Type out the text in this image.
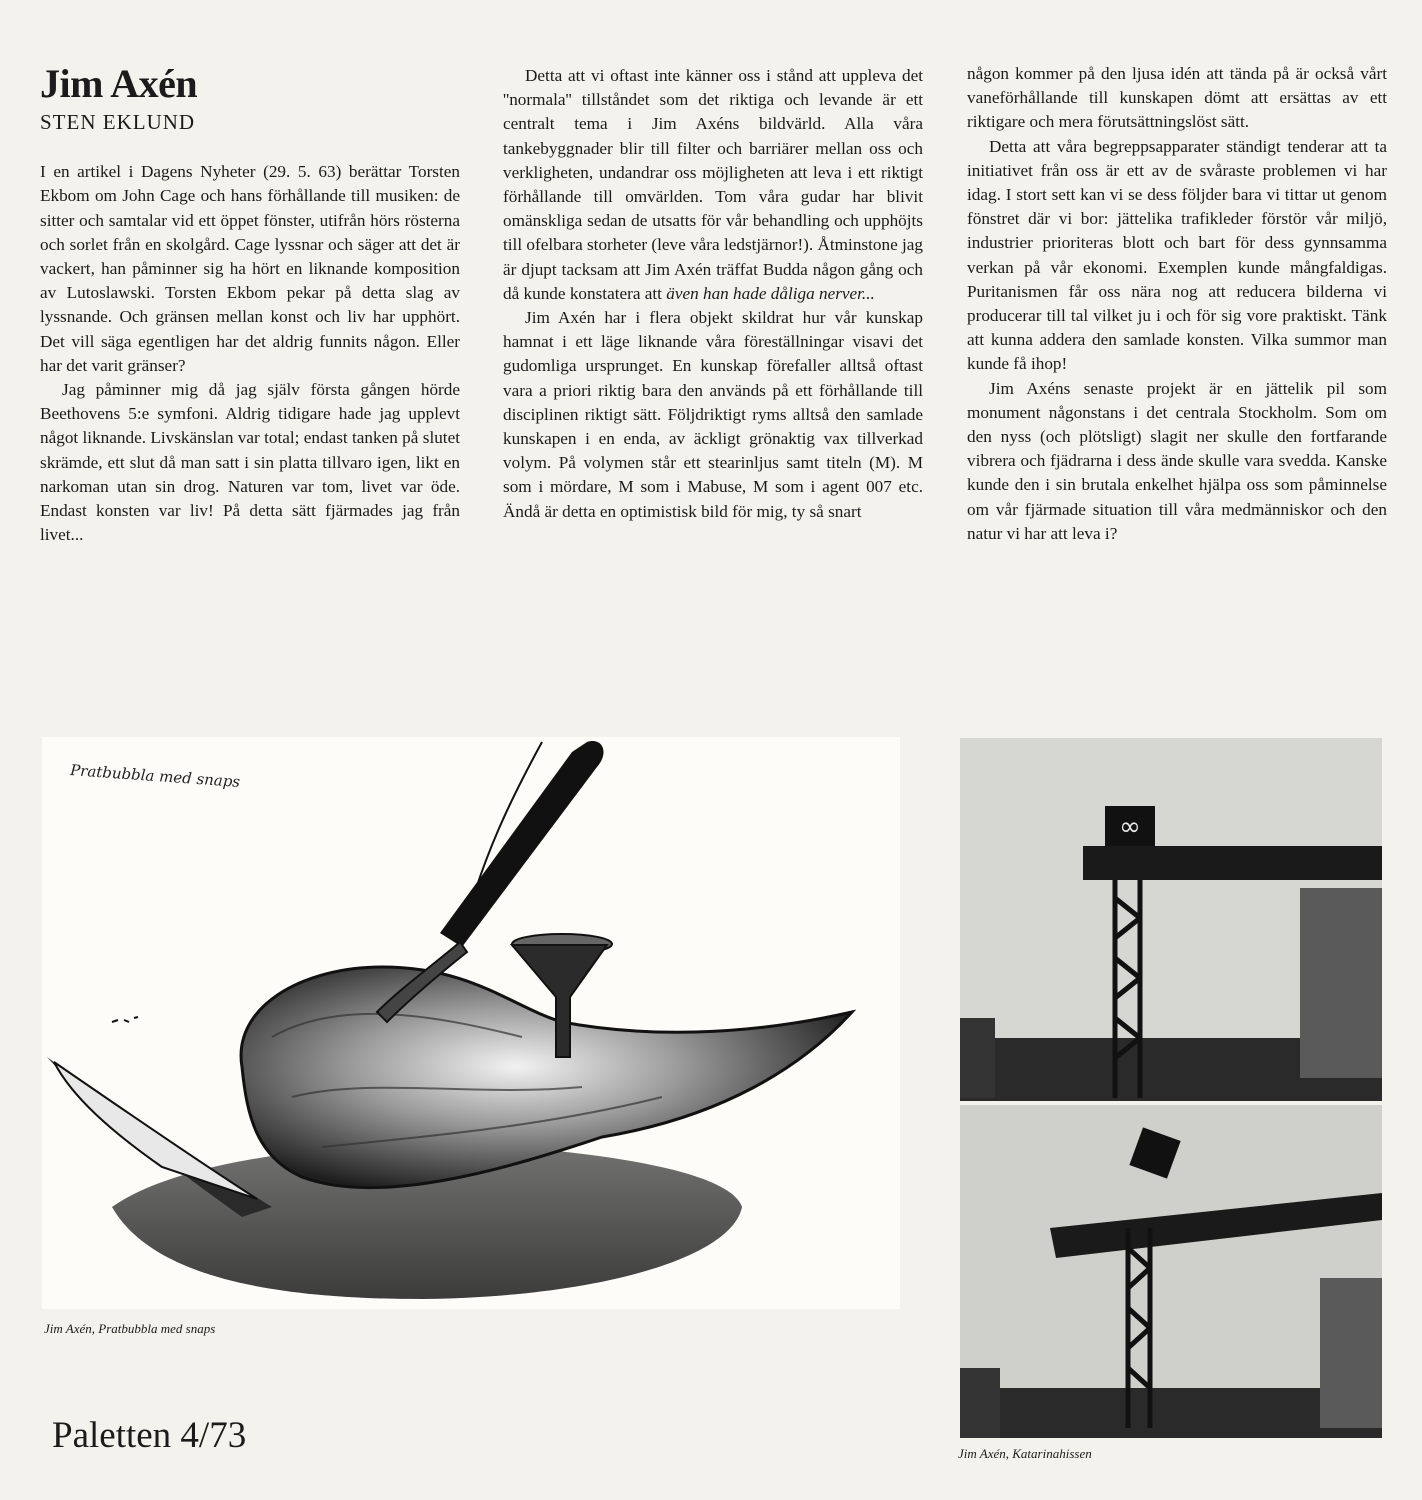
Jim Axén
STEN EKLUND

I en artikel i Dagens Nyheter (29. 5. 63) berättar Torsten Ekbom om John Cage och hans förhållande till musiken: de sitter och samtalar vid ett öppet fönster, utifrån hörs rösterna och sorlet från en skolgård. Cage lyssnar och säger att det är vackert, han påminner sig ha hört en liknande komposition av Lutoslawski. Torsten Ekbom pekar på detta slag av lyssnande. Och gränsen mellan konst och liv har upphört. Det vill säga egentligen har det aldrig funnits någon. Eller har det varit gränser?

Jag påminner mig då jag själv första gången hörde Beethovens 5:e symfoni. Aldrig tidigare hade jag upplevt något liknande. Livskänslan var total; endast tanken på slutet skrämde, ett slut då man satt i sin platta tillvaro igen, likt en narkoman utan sin drog. Naturen var tom, livet var öde. Endast konsten var liv! På detta sätt fjärmades jag från livet...

Detta att vi oftast inte känner oss i stånd att uppleva det ''normala'' tillståndet som det riktiga och levande är ett centralt tema i Jim Axéns bildvärld. Alla våra tankebyggnader blir till filter och barriärer mellan oss och verkligheten, undandrar oss möjligheten att leva i ett riktigt förhållande till omvärlden. Tom våra gudar har blivit omänskliga sedan de utsatts för vår behandling och upphöjts till ofelbara storheter (leve våra ledstjärnor!). Åtminstone jag är djupt tacksam att Jim Axén träffat Budda någon gång och då kunde konstatera att även han hade dåliga nerver...

Jim Axén har i flera objekt skildrat hur vår kunskap hamnat i ett läge liknande våra föreställningar visavi det gudomliga ursprunget. En kunskap förefaller alltså oftast vara a priori riktig bara den används på ett förhållande till disciplinen riktigt sätt. Följdriktigt ryms alltså den samlade kunskapen i en enda, av äckligt grönaktig vax tillverkad volym. På volymen står ett stearinljus samt titeln (M). M som i mördare, M som i Mabuse, M som i agent 007 etc. Ändå är detta en optimistisk bild för mig, ty så snart

någon kommer på den ljusa idén att tända på är också vårt vaneförhållande till kunskapen dömt att ersättas av ett riktigare och mera förutsättningslöst sätt.

Detta att våra begreppsapparater ständigt tenderar att ta initiativet från oss är ett av de svåraste problemen vi har idag. I stort sett kan vi se dess följder bara vi tittar ut genom fönstret där vi bor: jättelika trafikleder förstör vår miljö, industrier prioriteras blott och bart för dess gynnsamma verkan på vår ekonomi. Exemplen kunde mångfaldigas. Puritanismen får oss nära nog att reducera bilderna vi producerar till tal vilket ju i och för sig vore praktiskt. Tänk att kunna addera den samlade konsten. Vilka summor man kunde få ihop!

Jim Axéns senaste projekt är en jättelik pil som monument någonstans i det centrala Stockholm. Som om den nyss (och plötsligt) slagit ner skulle den fortfarande vibrera och fjädrarna i dess ände skulle vara svedda. Kanske kunde den i sin brutala enkelhet hjälpa oss som påminnelse om vår fjärmade situation till våra medmänniskor och den natur vi har att leva i?

Pratbubbla med snaps
Jim Axén, Pratbubbla med snaps
∞
Jim Axén, Katarinahissen
Paletten 4/73
